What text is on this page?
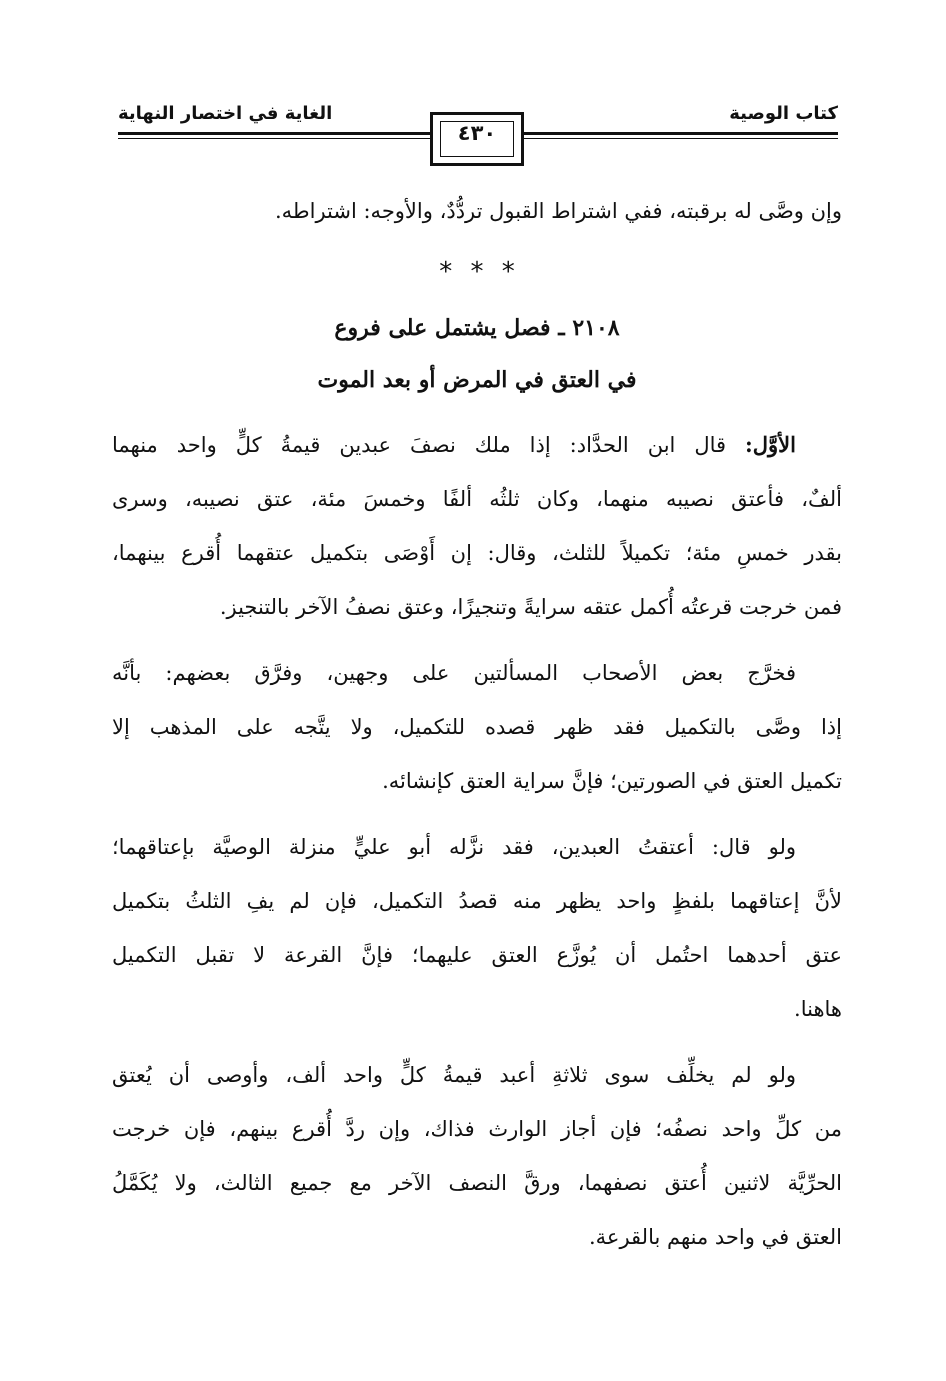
كتاب الوصية
الغاية في اختصار النهاية
٤٣٠
وإن وصَّى له برقبته، ففي اشتراط القبول تردُّدٌ، والأوجه: اشتراطه.
* * *
٢١٠٨ ـ فصل يشتمل على فروع
في العتق في المرض أو بعد الموت
الأوَّل: قال ابن الحدَّاد: إذا ملك نصفَ عبدين قيمةُ كلٍّ واحد منهما
ألفٌ، فأعتق نصيبه منهما، وكان ثلثُه ألفًا وخمسَ مئة، عتق نصيبه، وسرى
بقدر خمسِ مئة؛ تكميلاً للثلث، وقال: إن أَوْصَى بتكميل عتقهما أُقرع بينهما،
فمن خرجت قرعتُه أُكمل عتقه سرايةً وتنجيزًا، وعتق نصفُ الآخر بالتنجيز.
فخرَّج بعض الأصحاب المسألتين على وجهين، وفرَّق بعضهم: بأنَّه
إذا وصَّى بالتكميل فقد ظهر قصده للتكميل، ولا يتَّجه على المذهب إلا
تكميل العتق في الصورتين؛ فإنَّ سراية العتق كإنشائه.
ولو قال: أعتقتُ العبدين، فقد نزَّله أبو عليٍّ منزلة الوصيَّة بإعتاقهما؛
لأنَّ إعتاقهما بلفظٍ واحد يظهر منه قصدُ التكميل، فإن لم يفِ الثلثُ بتكميل
عتق أحدهما احتُمل أن يُوزَّع العتق عليهما؛ فإنَّ القرعة لا تقبل التكميل
هاهنا.
ولو لم يخلِّف سوى ثلاثةِ أعبد قيمةُ كلٍّ واحد ألف، وأوصى أن يُعتق
من كلِّ واحد نصفُه؛ فإن أجاز الوارث فذاك، وإن ردَّ أُقرع بينهم، فإن خرجت
الحرِّيَّة لاثنين أُعتق نصفهما، ورقَّ النصف الآخر مع جميع الثالث، ولا يُكَمَّلُ
العتق في واحد منهم بالقرعة.
